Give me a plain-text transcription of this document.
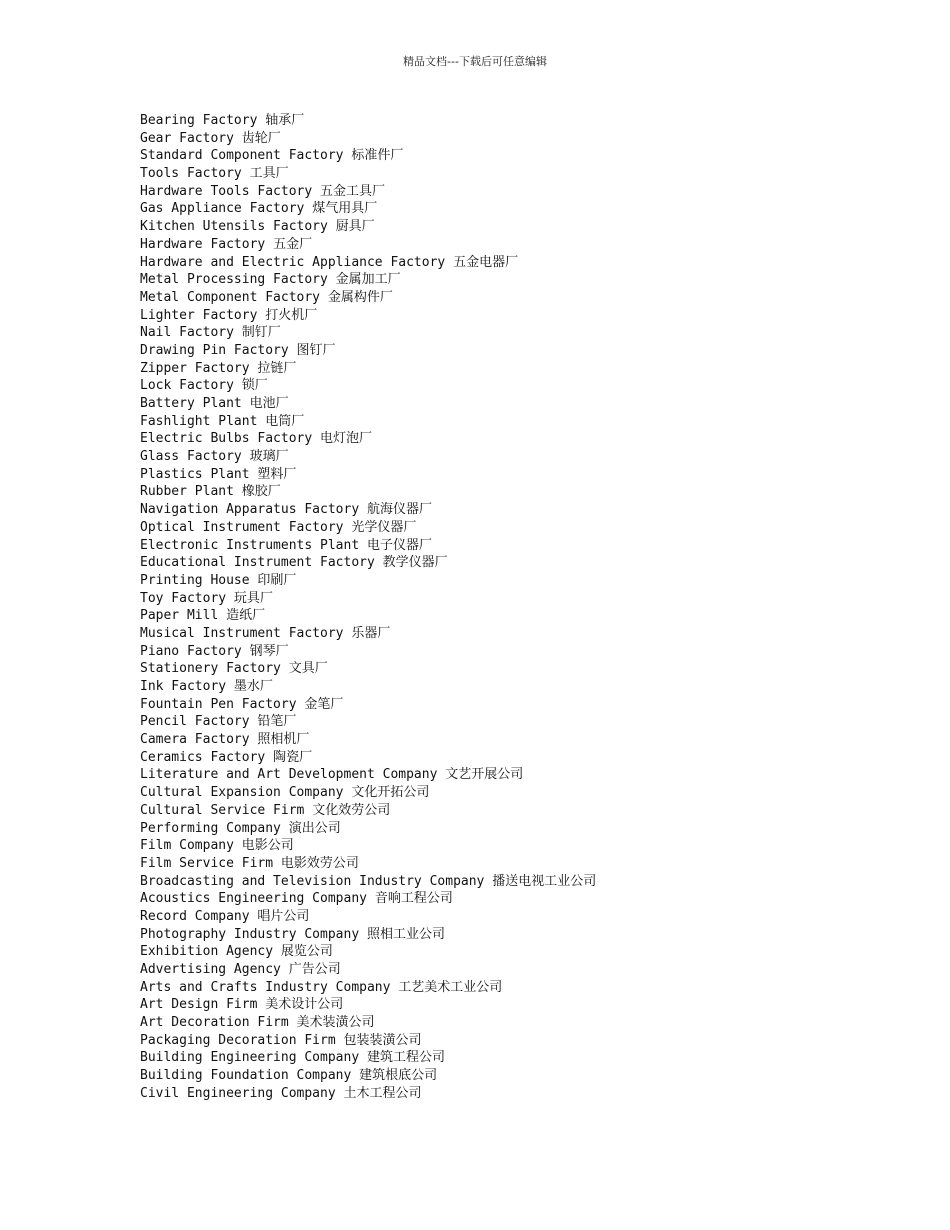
精品文档---下载后可任意编辑
Bearing Factory 轴承厂
Gear Factory 齿轮厂
Standard Component Factory 标准件厂
Tools Factory 工具厂
Hardware Tools Factory 五金工具厂
Gas Appliance Factory 煤气用具厂
Kitchen Utensils Factory 厨具厂
Hardware Factory 五金厂
Hardware and Electric Appliance Factory 五金电器厂
Metal Processing Factory 金属加工厂
Metal Component Factory 金属构件厂
Lighter Factory 打火机厂
Nail Factory 制钉厂
Drawing Pin Factory 图钉厂
Zipper Factory 拉链厂
Lock Factory 锁厂
Battery Plant 电池厂
Fashlight Plant 电筒厂
Electric Bulbs Factory 电灯泡厂
Glass Factory 玻璃厂
Plastics Plant 塑料厂
Rubber Plant 橡胶厂
Navigation Apparatus Factory 航海仪器厂
Optical Instrument Factory 光学仪器厂
Electronic Instruments Plant 电子仪器厂
Educational Instrument Factory 教学仪器厂
Printing House 印刷厂
Toy Factory 玩具厂
Paper Mill 造纸厂
Musical Instrument Factory 乐器厂
Piano Factory 钢琴厂
Stationery Factory 文具厂
Ink Factory 墨水厂
Fountain Pen Factory 金笔厂
Pencil Factory 铅笔厂
Camera Factory 照相机厂
Ceramics Factory 陶瓷厂
Literature and Art Development Company 文艺开展公司
Cultural Expansion Company 文化开拓公司
Cultural Service Firm 文化效劳公司
Performing Company 演出公司
Film Company 电影公司
Film Service Firm 电影效劳公司
Broadcasting and Television Industry Company 播送电视工业公司
Acoustics Engineering Company 音响工程公司
Record Company 唱片公司
Photography Industry Company 照相工业公司
Exhibition Agency 展览公司
Advertising Agency 广告公司
Arts and Crafts Industry Company 工艺美术工业公司
Art Design Firm 美术设计公司
Art Decoration Firm 美术装潢公司
Packaging Decoration Firm 包装装潢公司
Building Engineering Company 建筑工程公司
Building Foundation Company 建筑根底公司
Civil Engineering Company 土木工程公司
